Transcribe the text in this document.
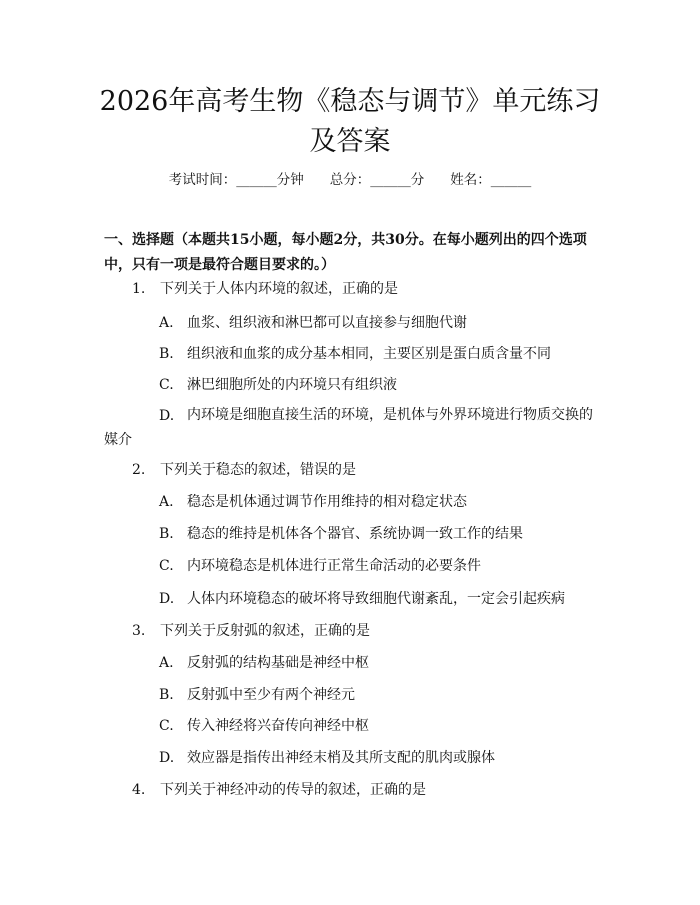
2026年高考生物《稳态与调节》单元练习及答案
考试时间：______分钟 总分：______分 姓名：______

一、选择题（本题共15小题，每小题2分，共30分。在每小题列出的四个选项中，只有一项是最符合题目要求的。）

1. 下列关于人体内环境的叙述，正确的是
A. 血浆、组织液和淋巴都可以直接参与细胞代谢
B. 组织液和血浆的成分基本相同，主要区别是蛋白质含量不同
C. 淋巴细胞所处的内环境只有组织液
D. 内环境是细胞直接生活的环境，是机体与外界环境进行物质交换的媒介
2. 下列关于稳态的叙述，错误的是
A. 稳态是机体通过调节作用维持的相对稳定状态
B. 稳态的维持是机体各个器官、系统协调一致工作的结果
C. 内环境稳态是机体进行正常生命活动的必要条件
D. 人体内环境稳态的破坏将导致细胞代谢紊乱，一定会引起疾病
3. 下列关于反射弧的叙述，正确的是
A. 反射弧的结构基础是神经中枢
B. 反射弧中至少有两个神经元
C. 传入神经将兴奋传向神经中枢
D. 效应器是指传出神经末梢及其所支配的肌肉或腺体
4. 下列关于神经冲动的传导的叙述，正确的是
